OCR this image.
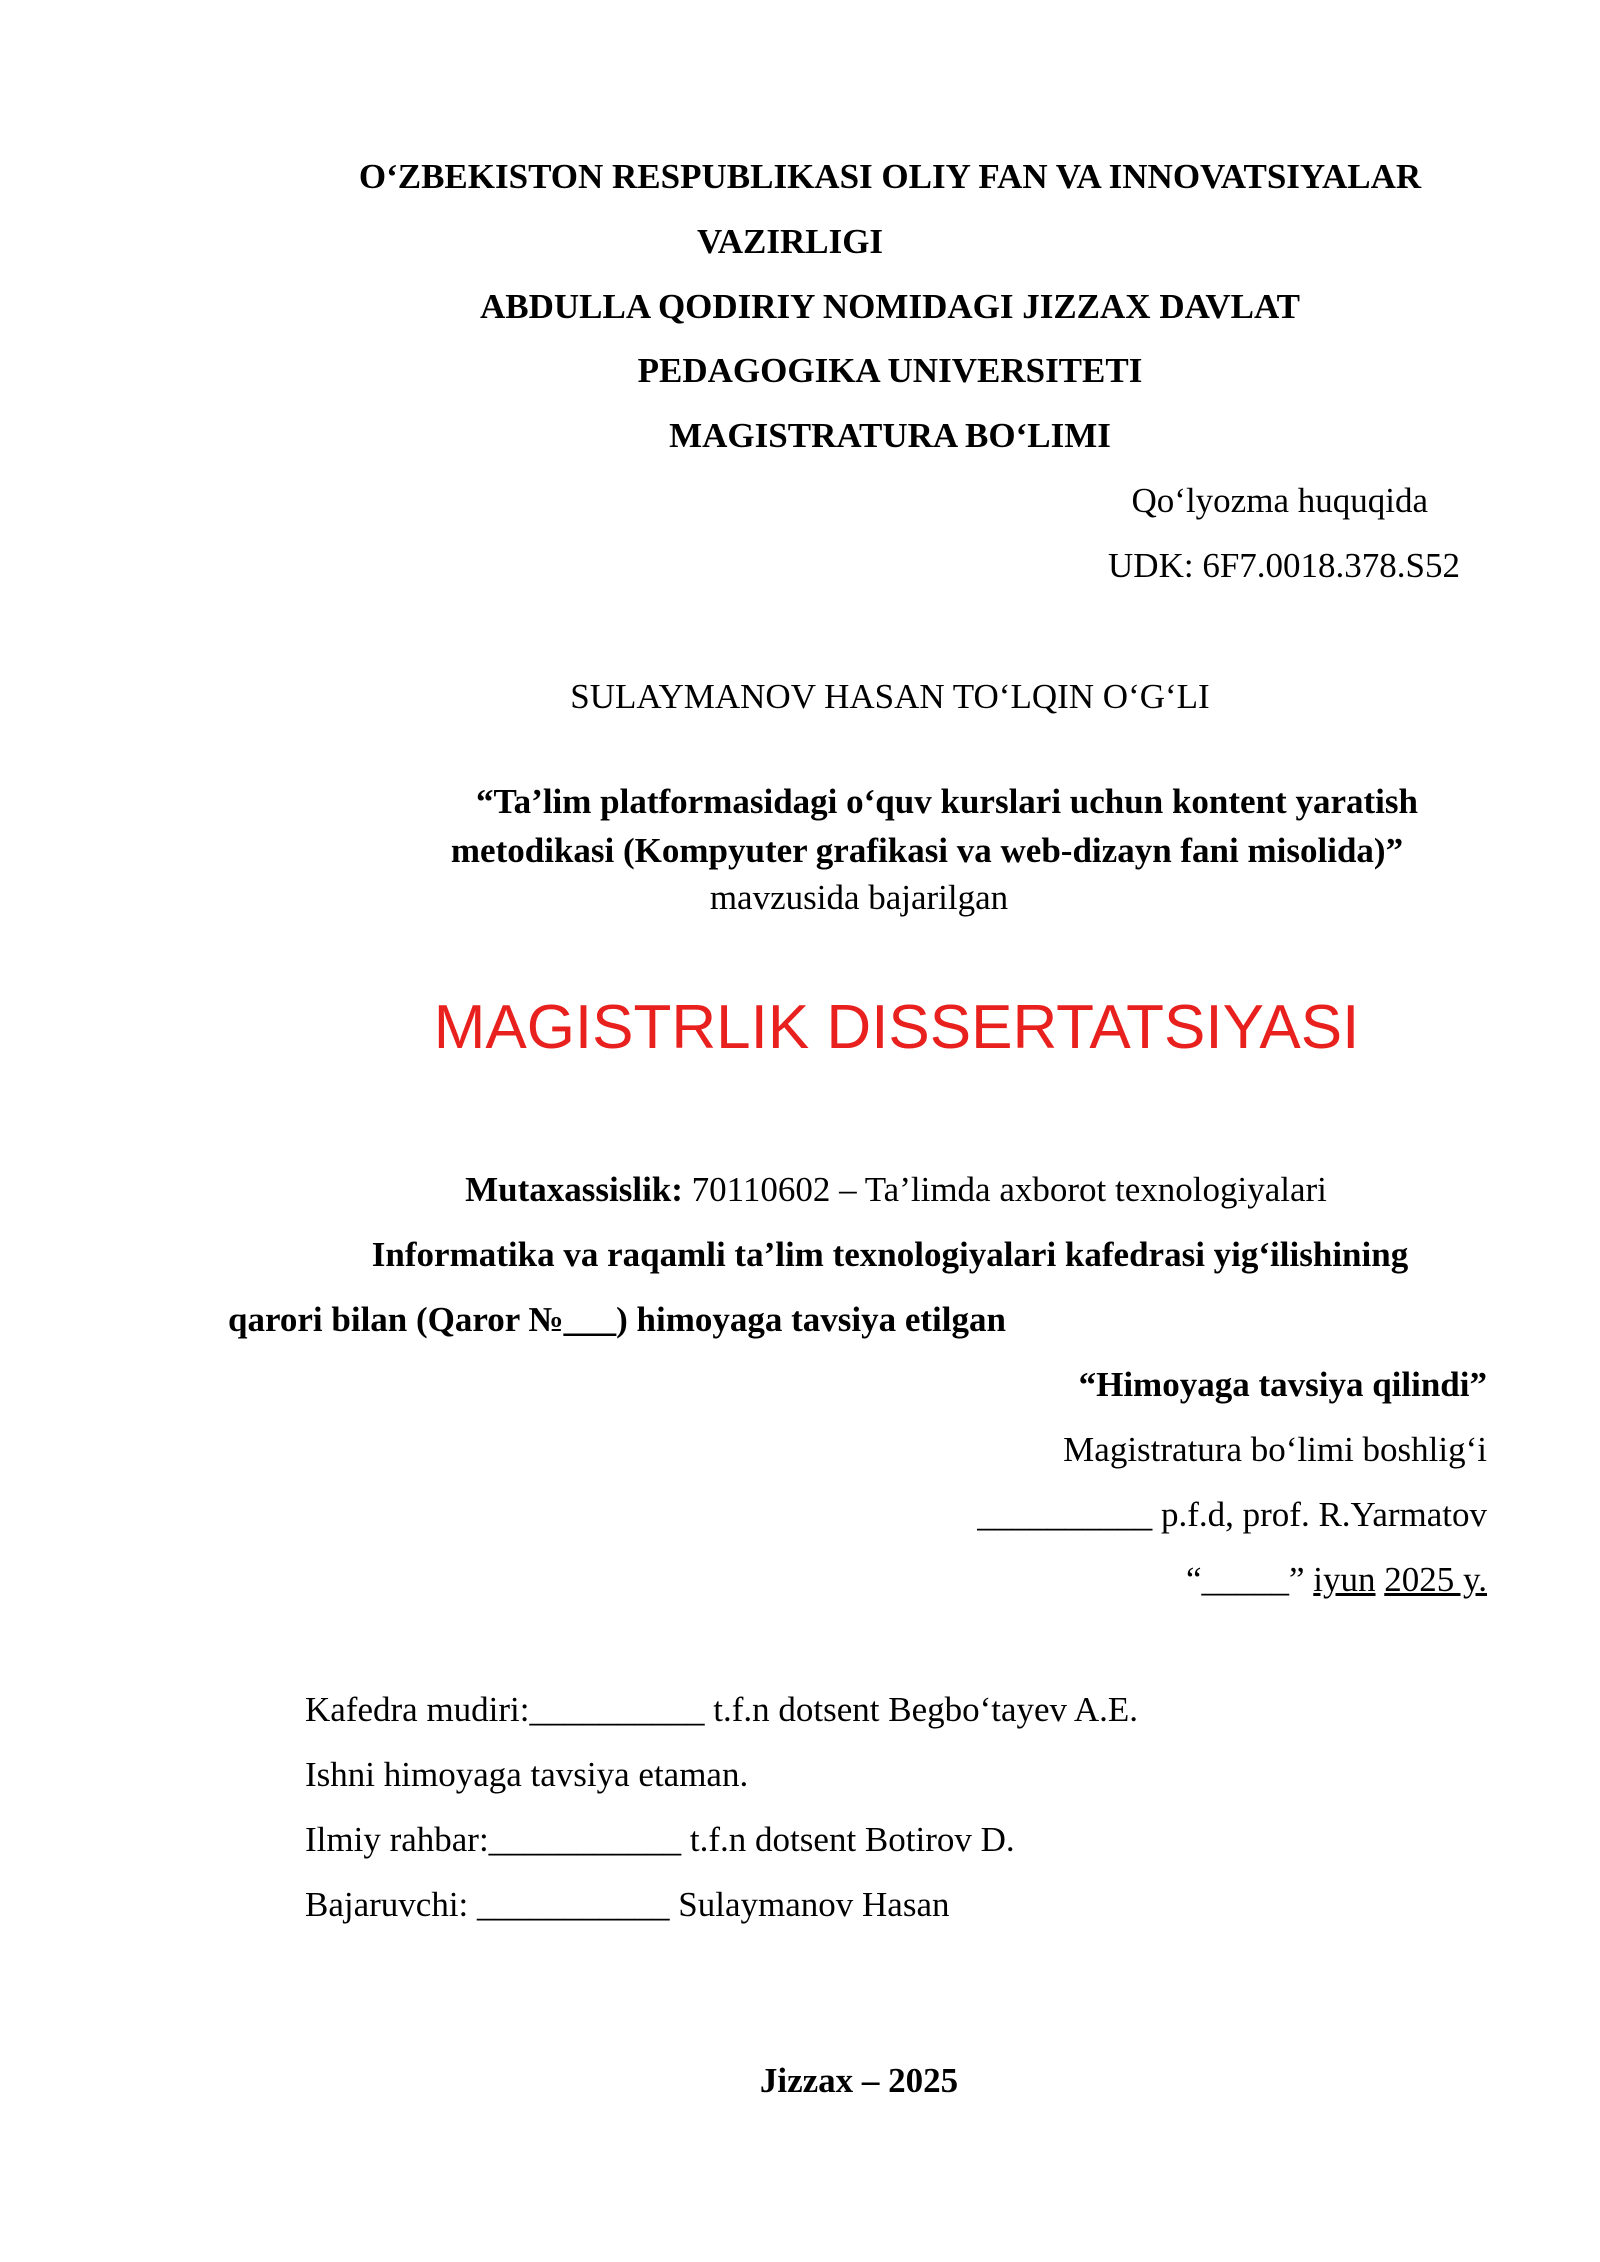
O‘ZBEKISTON RESPUBLIKASI OLIY FAN VA INNOVATSIYALAR
VAZIRLIGI
ABDULLA QODIRIY NOMIDAGI JIZZAX DAVLAT
PEDAGOGIKA UNIVERSITETI
MAGISTRATURA BO‘LIMI
Qo‘lyozma huquqida
UDK: 6F7.0018.378.S52
SULAYMANOV HASAN TO‘LQIN O‘G‘LI
“Ta’lim platformasidagi o‘quv kurslari uchun kontent yaratish
metodikasi (Kompyuter grafikasi va web-dizayn fani misolida)”
mavzusida bajarilgan
MAGISTRLIK DISSERTATSIYASI
Mutaxassislik: 70110602 – Ta’limda axborot texnologiyalari
Informatika va raqamli ta’lim texnologiyalari kafedrasi yig‘ilishining
qarori bilan (Qaror №___) himoyaga tavsiya etilgan
“Himoyaga tavsiya qilindi”
Magistratura bo‘limi boshlig‘i
__________ p.f.d, prof. R.Yarmatov
“_____” iyun 2025 y.
Kafedra mudiri:__________ t.f.n dotsent Begbo‘tayev A.E.
Ishni himoyaga tavsiya etaman.
Ilmiy rahbar:___________ t.f.n dotsent Botirov D.
Bajaruvchi: ___________ Sulaymanov Hasan
Jizzax – 2025
